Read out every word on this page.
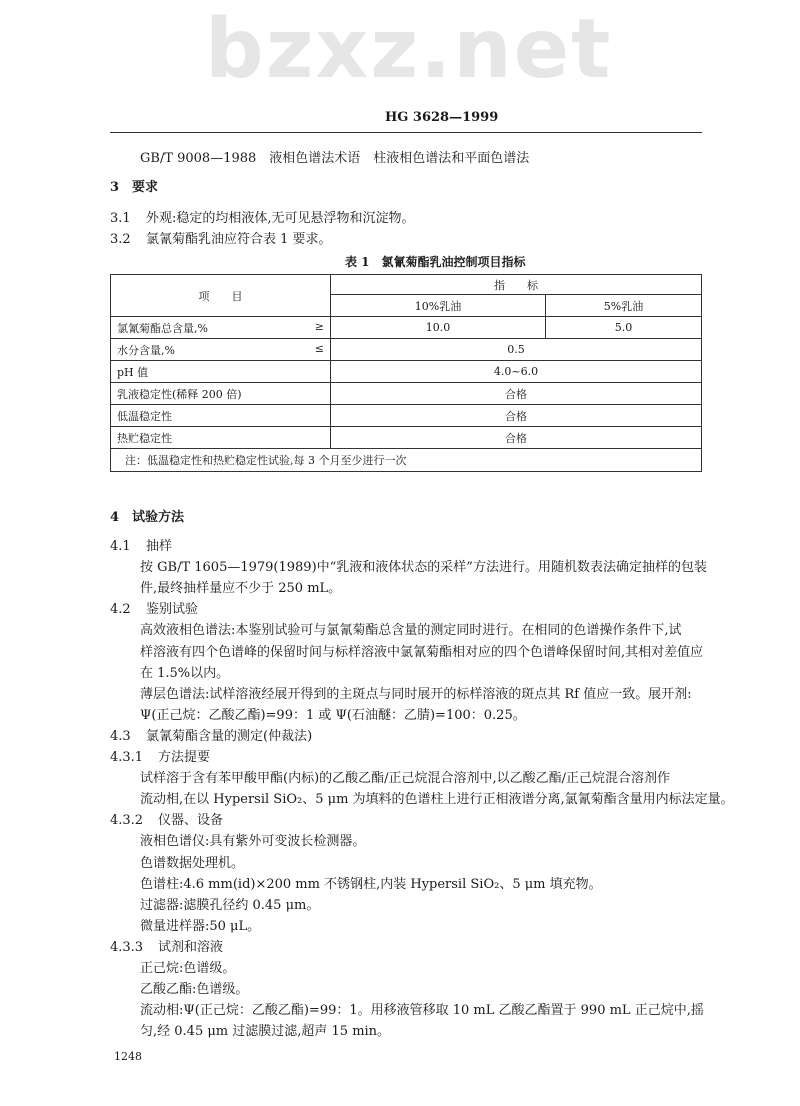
bzxz.net
HG 3628—1999
GB/T 9008—1988　液相色谱法术语　柱液相色谱法和平面色谱法
3　要求
3.1 外观:稳定的均相液体,无可见悬浮物和沉淀物。
3.2 氯氰菊酯乳油应符合表 1 要求。
表 1　氯氰菊酯乳油控制项目指标
项　　目	指　　标	
	10%乳油	5%乳油
氯氰菊酯总含量,% ≥	10.0	5.0
水分含量,% ≤	0.5	
pH 值	4.0~6.0	
乳液稳定性(稀释 200 倍)	合格	
低温稳定性	合格	
热贮稳定性	合格	
注：低温稳定性和热贮稳定性试验,每 3 个月至少进行一次		
4　试验方法
4.1 抽样
按 GB/T 1605—1979(1989)中“乳液和液体状态的采样”方法进行。用随机数表法确定抽样的包装
件,最终抽样量应不少于 250 mL。
4.2 鉴别试验
高效液相色谱法:本鉴别试验可与氯氰菊酯总含量的测定同时进行。在相同的色谱操作条件下,试
样溶液有四个色谱峰的保留时间与标样溶液中氯氰菊酯相对应的四个色谱峰保留时间,其相对差值应
在 1.5%以内。
薄层色谱法:试样溶液经展开得到的主斑点与同时展开的标样溶液的斑点其 Rf 值应一致。展开剂:
Ψ(正己烷：乙酸乙酯)=99：1 或 Ψ(石油醚：乙腈)=100：0.25。
4.3 氯氰菊酯含量的测定(仲裁法)
4.3.1 方法提要
试样溶于含有苯甲酸甲酯(内标)的乙酸乙酯/正己烷混合溶剂中,以乙酸乙酯/正己烷混合溶剂作
流动相,在以 Hypersil SiO₂、5 μm 为填料的色谱柱上进行正相液谱分离,氯氰菊酯含量用内标法定量。
4.3.2 仪器、设备
液相色谱仪:具有紫外可变波长检测器。
色谱数据处理机。
色谱柱:4.6 mm(id)×200 mm 不锈钢柱,内装 Hypersil SiO₂、5 μm 填充物。
过滤器:滤膜孔径约 0.45 μm。
微量进样器:50 μL。
4.3.3 试剂和溶液
正己烷:色谱级。
乙酸乙酯:色谱级。
流动相:Ψ(正己烷：乙酸乙酯)=99：1。用移液管移取 10 mL 乙酸乙酯置于 990 mL 正己烷中,摇
匀,经 0.45 μm 过滤膜过滤,超声 15 min。
1248
